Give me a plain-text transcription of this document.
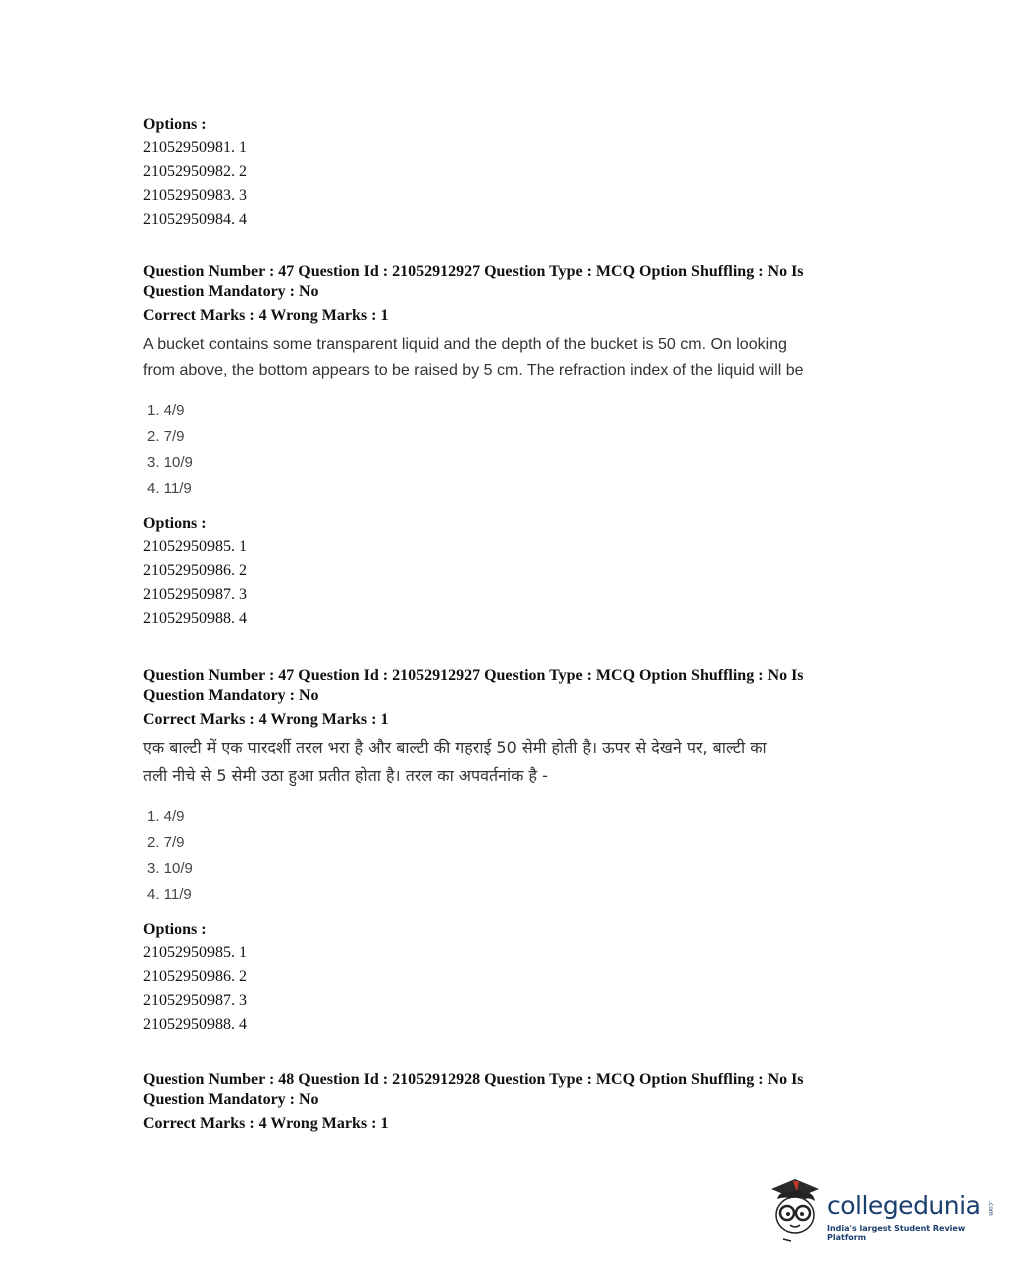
Options :

21052950981. 1

21052950982. 2

21052950983. 3

21052950984. 4

Question Number : 47 Question Id : 21052912927 Question Type : MCQ Option Shuffling : No Is

Question Mandatory : No

Correct Marks : 4 Wrong Marks : 1

A bucket contains some transparent liquid and the depth of the bucket is 50 cm. On looking
from above, the bottom appears to be raised by 5 cm. The refraction index of the liquid will be

1. 4/9
2. 7/9
3. 10/9
4. 11/9

Options :

21052950985. 1

21052950986. 2

21052950987. 3

21052950988. 4

Question Number : 47 Question Id : 21052912927 Question Type : MCQ Option Shuffling : No Is

Question Mandatory : No

Correct Marks : 4 Wrong Marks : 1

एक बाल्टी में एक पारदर्शी तरल भरा है और बाल्टी की गहराई 50 सेमी होती है। ऊपर से देखने पर, बाल्टी का
तली नीचे से 5 सेमी उठा हुआ प्रतीत होता है। तरल का अपवर्तनांक है -

1. 4/9
2. 7/9
3. 10/9
4. 11/9

Options :

21052950985. 1

21052950986. 2

21052950987. 3

21052950988. 4

Question Number : 48 Question Id : 21052912928 Question Type : MCQ Option Shuffling : No Is

Question Mandatory : No

Correct Marks : 4 Wrong Marks : 1

collegedunia .com
India's largest Student Review Platform
